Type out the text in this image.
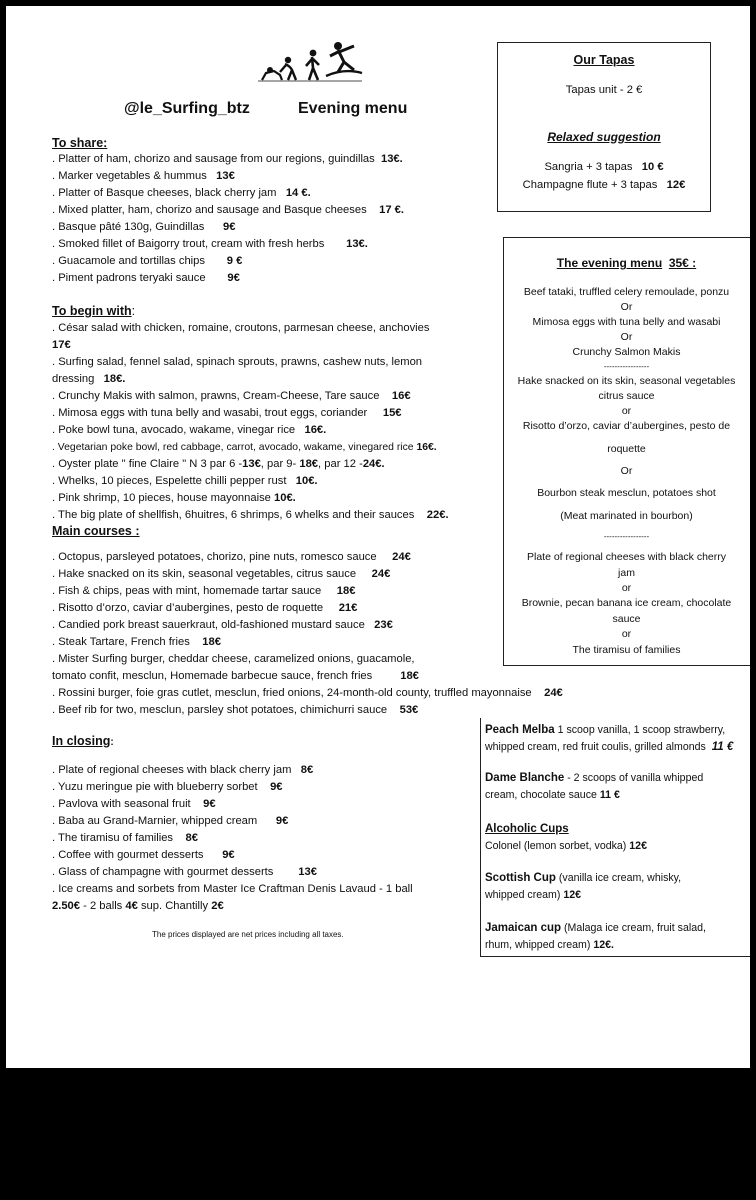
@le_Surfing_btz	Evening menu
To share:
. Platter of ham, chorizo and sausage from our regions, guindillas 13€.
. Marker vegetables & hummus 13€
. Platter of Basque cheeses, black cherry jam 14 €.
. Mixed platter, ham, chorizo and sausage and Basque cheeses 17 €.
. Basque pâté 130g, Guindillas 9€
. Smoked fillet of Baigorry trout, cream with fresh herbs 13€.
. Guacamole and tortillas chips 9 €
. Piment padrons teryaki sauce 9€
To begin with:
. César salad with chicken, romaine, croutons, parmesan cheese, anchovies
17€
. Surfing salad, fennel salad, spinach sprouts, prawns, cashew nuts, lemon
dressing 18€.
. Crunchy Makis with salmon, prawns, Cream-Cheese, Tare sauce 16€
. Mimosa eggs with tuna belly and wasabi, trout eggs, coriander 15€
. Poke bowl tuna, avocado, wakame, vinegar rice 16€.
. Vegetarian poke bowl, red cabbage, carrot, avocado, wakame, vinegared rice 16€.
. Oyster plate " fine Claire " N 3 par 6 -13€, par 9- 18€, par 12 -24€.
. Whelks, 10 pieces, Espelette chilli pepper rust 10€.
. Pink shrimp, 10 pieces, house mayonnaise 10€.
. The big plate of shellfish, 6huitres, 6 shrimps, 6 whelks and their sauces 22€.
Main courses :
. Octopus, parsleyed potatoes, chorizo, pine nuts, romesco sauce 24€
. Hake snacked on its skin, seasonal vegetables, citrus sauce 24€
. Fish & chips, peas with mint, homemade tartar sauce 18€
. Risotto d’orzo, caviar d’aubergines, pesto de roquette 21€
. Candied pork breast sauerkraut, old-fashioned mustard sauce 23€
. Steak Tartare, French fries 18€
. Mister Surfing burger, cheddar cheese, caramelized onions, guacamole,
tomato confit, mesclun, Homemade barbecue sauce, french fries 18€
. Rossini burger, foie gras cutlet, mesclun, fried onions, 24-month-old county, truffled mayonnaise 24€
. Beef rib for two, mesclun, parsley shot potatoes, chimichurri sauce 53€
In closing:
. Plate of regional cheeses with black cherry jam 8€
. Yuzu meringue pie with blueberry sorbet 9€
. Pavlova with seasonal fruit 9€
. Baba au Grand-Marnier, whipped cream 9€
. The tiramisu of families 8€
. Coffee with gourmet desserts 9€
. Glass of champagne with gourmet desserts 13€
. Ice creams and sorbets from Master Ice Craftman Denis Lavaud - 1 ball
2.50€ - 2 balls 4€ sup. Chantilly 2€
The prices displayed are net prices including all taxes.
Our Tapas
Tapas unit - 2 €
Relaxed suggestion
Sangria + 3 tapas 10 €
Champagne flute + 3 tapas 12€
The evening menu 35€ :
Beef tataki, truffled celery remoulade, ponzu
Or
Mimosa eggs with tuna belly and wasabi
Or
Crunchy Salmon Makis
-----------------
Hake snacked on its skin, seasonal vegetables
citrus sauce
or
Risotto d’orzo, caviar d’aubergines, pesto de
roquette
Or
Bourbon steak mesclun, potatoes shot
(Meat marinated in bourbon)
-----------------
Plate of regional cheeses with black cherry
jam
or
Brownie, pecan banana ice cream, chocolate
sauce
or
The tiramisu of families
Peach Melba 1 scoop vanilla, 1 scoop strawberry,
whipped cream, red fruit coulis, grilled almonds 11 €
Dame Blanche - 2 scoops of vanilla whipped
cream, chocolate sauce 11 €
Alcoholic Cups
Colonel (lemon sorbet, vodka) 12€
Scottish Cup (vanilla ice cream, whisky,
whipped cream) 12€
Jamaican cup (Malaga ice cream, fruit salad,
rhum, whipped cream) 12€.
